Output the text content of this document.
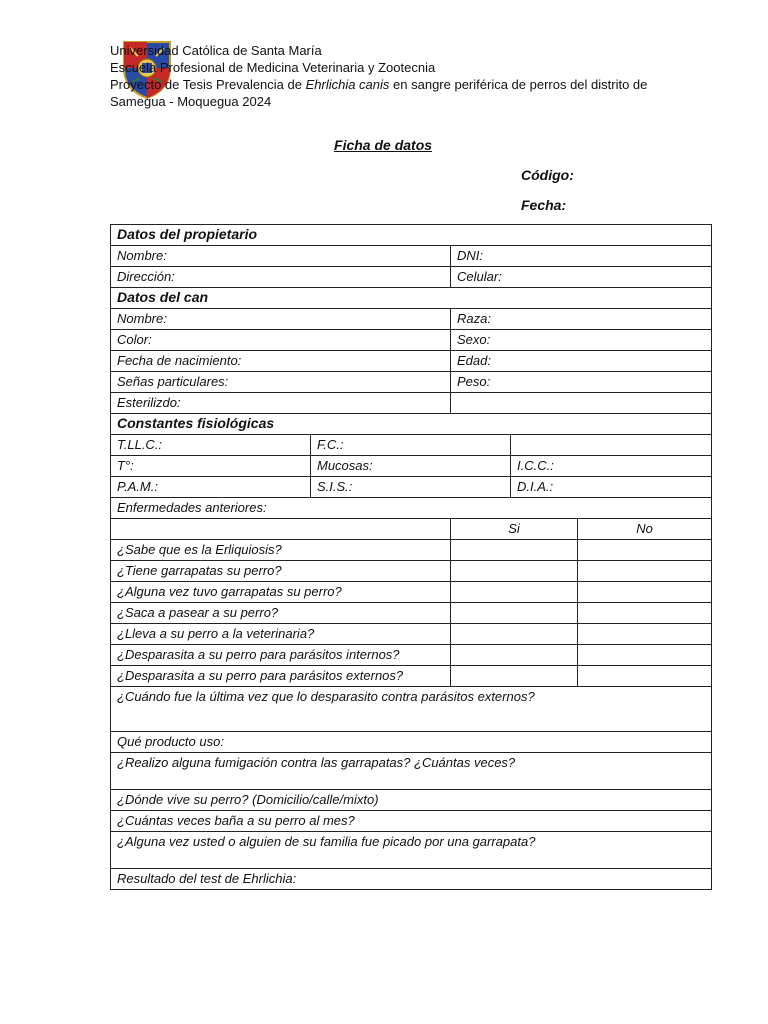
Universidad Católica de Santa María
Escuela Profesional de Medicina Veterinaria y Zootecnia
Proyecto de Tesis Prevalencia de Ehrlichia canis en sangre periférica de perros del distrito de
Samegua - Moquegua 2024
Ficha de datos
Código:
Fecha:
Datos del propietario				
Nombre:		DNI:		
Dirección:		Celular:		
Datos del can				
Nombre:		Raza:		
Color:		Sexo:		
Fecha de nacimiento:		Edad:		
Señas particulares:		Peso:		
Esterilizdo:				
Constantes fisiológicas				
T.LL.C.:	F.C.:			
T°:	Mucosas:		I.C.C.:	
P.A.M.:	S.I.S.:		D.I.A.:	
Enfermedades anteriores:				
		Si		No
¿Sabe que es la Erliquiosis?				
¿Tiene garrapatas su perro?				
¿Alguna vez tuvo garrapatas su perro?				
¿Saca a pasear a su perro?				
¿Lleva a su perro a la veterinaria?				
¿Desparasita a su perro para parásitos internos?				
¿Desparasita a su perro para parásitos externos?				
¿Cuándo fue la última vez que lo desparasito contra parásitos externos?				
Qué producto uso:				
¿Realizo alguna fumigación contra las garrapatas? ¿Cuántas veces?				
¿Dónde vive su perro? (Domicilio/calle/mixto)				
¿Cuántas veces baña a su perro al mes?				
¿Alguna vez usted o alguien de su familia fue picado por una garrapata?				
Resultado del test de Ehrlichia:				
